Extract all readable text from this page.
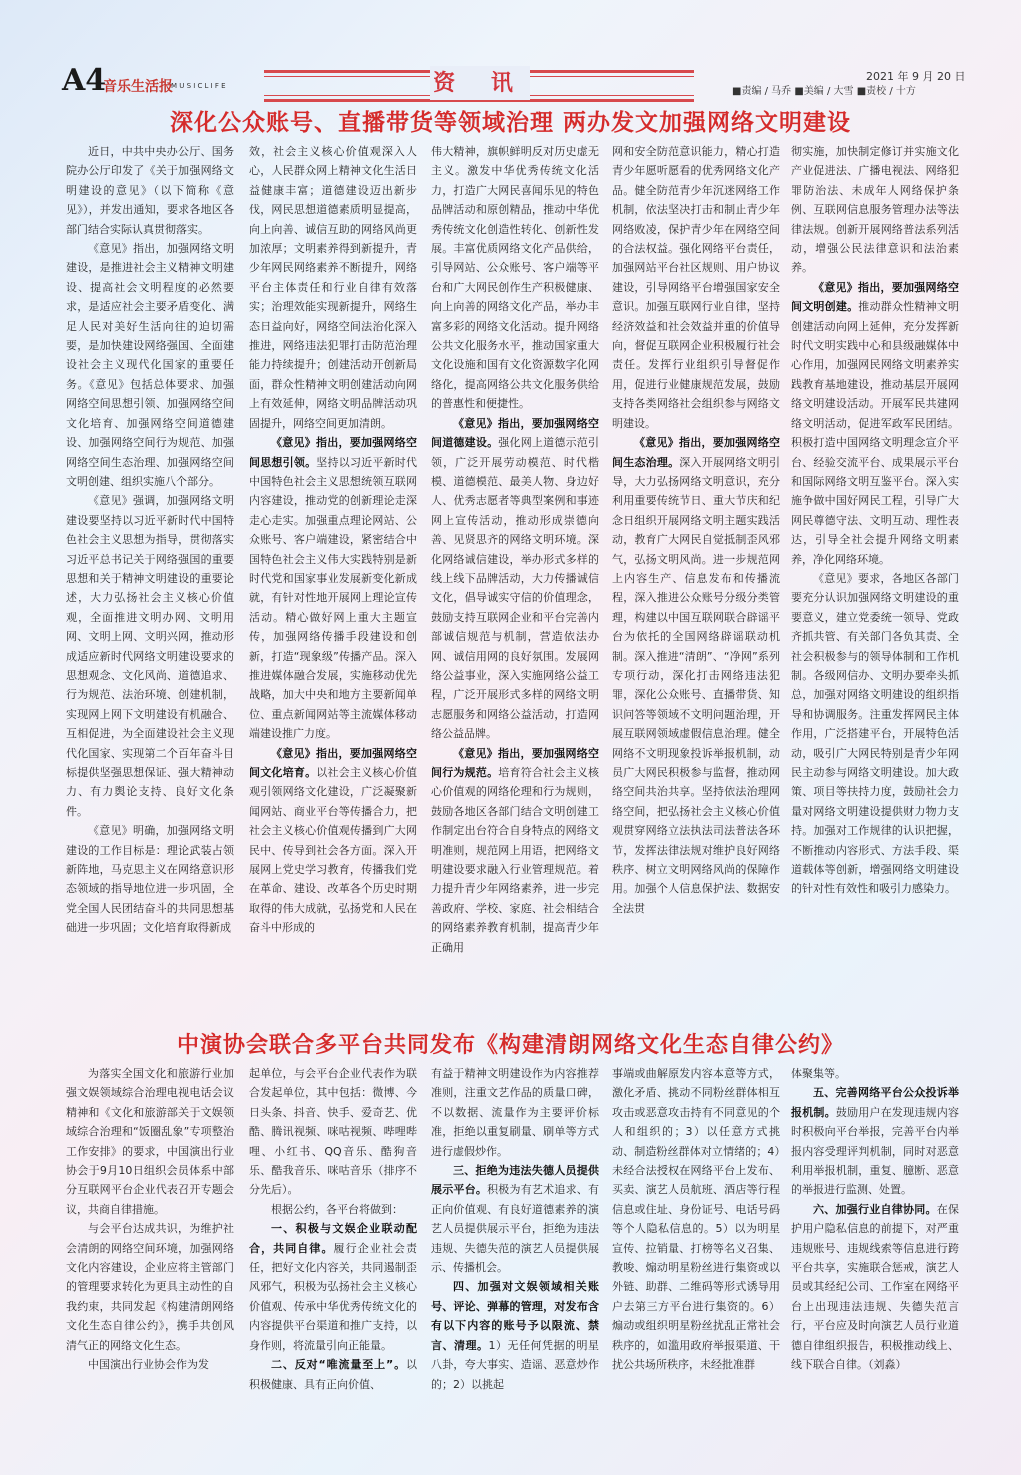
A4
音乐生活报
MUSICLIFE	资 讯	2021 年 9 月 20 日
■责编 / 马乔 ■美编 / 大雪 ■责校 / 十方
深化公众账号、直播带货等领域治理 两办发文加强网络文明建设

近日，中共中央办公厅、国务院办公厅印发了《关于加强网络文明建设的意见》（以下简称《意见》），并发出通知，要求各地区各部门结合实际认真贯彻落实。

《意见》指出，加强网络文明建设，是推进社会主义精神文明建设、提高社会文明程度的必然要求，是适应社会主要矛盾变化、满足人民对美好生活向往的迫切需要，是加快建设网络强国、全面建设社会主义现代化国家的重要任务。《意见》包括总体要求、加强网络空间思想引领、加强网络空间文化培育、加强网络空间道德建设、加强网络空间行为规范、加强网络空间生态治理、加强网络空间文明创建、组织实施八个部分。

《意见》强调，加强网络文明建设要坚持以习近平新时代中国特色社会主义思想为指导，贯彻落实习近平总书记关于网络强国的重要思想和关于精神文明建设的重要论述，大力弘扬社会主义核心价值观，全面推进文明办网、文明用网、文明上网、文明兴网，推动形成适应新时代网络文明建设要求的思想观念、文化风尚、道德追求、行为规范、法治环境、创建机制，实现网上网下文明建设有机融合、互相促进，为全面建设社会主义现代化国家、实现第二个百年奋斗目标提供坚强思想保证、强大精神动力、有力舆论支持、良好文化条件。

《意见》明确，加强网络文明建设的工作目标是：理论武装占领新阵地，马克思主义在网络意识形态领域的指导地位进一步巩固，全党全国人民团结奋斗的共同思想基础进一步巩固；文化培育取得新成

效，社会主义核心价值观深入人心，人民群众网上精神文化生活日益健康丰富；道德建设迈出新步伐，网民思想道德素质明显提高，向上向善、诚信互助的网络风尚更加浓厚；文明素养得到新提升，青少年网民网络素养不断提升，网络平台主体责任和行业自律有效落实；治理效能实现新提升，网络生态日益向好，网络空间法治化深入推进，网络违法犯罪打击防范治理能力持续提升；创建活动开创新局面，群众性精神文明创建活动向网上有效延伸，网络文明品牌活动巩固提升，网络空间更加清朗。

《意见》指出，要加强网络空间思想引领。坚持以习近平新时代中国特色社会主义思想统领互联网内容建设，推动党的创新理论走深走心走实。加强重点理论网站、公众账号、客户端建设，紧密结合中国特色社会主义伟大实践特别是新时代党和国家事业发展新变化新成就，有针对性地开展网上理论宣传活动。精心做好网上重大主题宣传，加强网络传播手段建设和创新，打造“现象级”传播产品。深入推进媒体融合发展，实施移动优先战略，加大中央和地方主要新闻单位、重点新闻网站等主流媒体移动端建设推广力度。

《意见》指出，要加强网络空间文化培育。以社会主义核心价值观引领网络文化建设，广泛凝聚新闻网站、商业平台等传播合力，把社会主义核心价值观传播到广大网民中、传导到社会各方面。深入开展网上党史学习教育，传播我们党在革命、建设、改革各个历史时期取得的伟大成就，弘扬党和人民在奋斗中形成的

伟大精神，旗帜鲜明反对历史虚无主义。激发中华优秀传统文化活力，打造广大网民喜闻乐见的特色品牌活动和原创精品，推动中华优秀传统文化创造性转化、创新性发展。丰富优质网络文化产品供给，引导网站、公众账号、客户端等平台和广大网民创作生产积极健康、向上向善的网络文化产品，举办丰富多彩的网络文化活动。提升网络公共文化服务水平，推动国家重大文化设施和国有文化资源数字化网络化，提高网络公共文化服务供给的普惠性和便捷性。

《意见》指出，要加强网络空间道德建设。强化网上道德示范引领，广泛开展劳动模范、时代楷模、道德模范、最美人物、身边好人、优秀志愿者等典型案例和事迹网上宣传活动，推动形成崇德向善、见贤思齐的网络文明环境。深化网络诚信建设，举办形式多样的线上线下品牌活动，大力传播诚信文化，倡导诚实守信的价值理念，鼓励支持互联网企业和平台完善内部诚信规范与机制，营造依法办网、诚信用网的良好氛围。发展网络公益事业，深入实施网络公益工程，广泛开展形式多样的网络文明志愿服务和网络公益活动，打造网络公益品牌。

《意见》指出，要加强网络空间行为规范。培育符合社会主义核心价值观的网络伦理和行为规则，鼓励各地区各部门结合文明创建工作制定出台符合自身特点的网络文明准则，规范网上用语，把网络文明建设要求融入行业管理规范。着力提升青少年网络素养，进一步完善政府、学校、家庭、社会相结合的网络素养教育机制，提高青少年正确用

网和安全防范意识能力，精心打造青少年愿听愿看的优秀网络文化产品。健全防范青少年沉迷网络工作机制，依法坚决打击和制止青少年网络败凌，保护青少年在网络空间的合法权益。强化网络平台责任，加强网站平台社区规则、用户协议建设，引导网络平台增强国家安全意识。加强互联网行业自律，坚持经济效益和社会效益并重的价值导向，督促互联网企业积极履行社会责任。发挥行业组织引导督促作用，促进行业健康规范发展，鼓励支持各类网络社会组织参与网络文明建设。

《意见》指出，要加强网络空间生态治理。深入开展网络文明引导，大力弘扬网络文明意识，充分利用重要传统节日、重大节庆和纪念日组织开展网络文明主题实践活动，教育广大网民自觉抵制歪风邪气，弘扬文明风尚。进一步规范网上内容生产、信息发布和传播流程，深入推进公众账号分级分类管理，构建以中国互联网联合辟谣平台为依托的全国网络辟谣联动机制。深入推进“清朗”、“净网”系列专项行动，深化打击网络违法犯罪，深化公众账号、直播带货、知识问答等领域不文明问题治理，开展互联网领域虚假信息治理。健全网络不文明现象投诉举报机制，动员广大网民积极参与监督，推动网络空间共治共享。坚持依法治理网络空间，把弘扬社会主义核心价值观贯穿网络立法执法司法普法各环节，发挥法律法规对维护良好网络秩序、树立文明网络风尚的保障作用。加强个人信息保护法、数据安全法贯

彻实施，加快制定修订并实施文化产业促进法、广播电视法、网络犯罪防治法、未成年人网络保护条例、互联网信息服务管理办法等法律法规。创新开展网络普法系列活动，增强公民法律意识和法治素养。

《意见》指出，要加强网络空间文明创建。推动群众性精神文明创建活动向网上延伸，充分发挥新时代文明实践中心和县级融媒体中心作用，加强网民网络文明素养实践教育基地建设，推动基层开展网络文明建设活动。开展军民共建网络文明活动，促进军政军民团结。积极打造中国网络文明理念宣介平台、经验交流平台、成果展示平台和国际网络文明互鉴平台。深入实施争做中国好网民工程，引导广大网民尊德守法、文明互动、理性表达，引导全社会提升网络文明素养，净化网络环境。

《意见》要求，各地区各部门要充分认识加强网络文明建设的重要意义，建立党委统一领导、党政齐抓共管、有关部门各负其责、全社会积极参与的领导体制和工作机制。各级网信办、文明办要牵头抓总，加强对网络文明建设的组织指导和协调服务。注重发挥网民主体作用，广泛搭建平台，开展特色活动，吸引广大网民特别是青少年网民主动参与网络文明建设。加大政策、项目等扶持力度，鼓励社会力量对网络文明建设提供财力物力支持。加强对工作规律的认识把握，不断推动内容形式、方法手段、渠道载体等创新，增强网络文明建设的针对性有效性和吸引力感染力。

中演协会联合多平台共同发布《构建清朗网络文化生态自律公约》

为落实全国文化和旅游行业加强文娱领域综合治理电视电话会议精神和《文化和旅游部关于文娱领域综合治理和“饭圈乱象”专项整治工作安排》的要求，中国演出行业协会于9月10日组织会员体系中部分互联网平台企业代表召开专题会议，共商自律措施。

与会平台达成共识，为维护社会清朗的网络空间环境，加强网络文化内容建设，企业应将主管部门的管理要求转化为更具主动性的自我约束，共同发起《构建清朗网络文化生态自律公约》，携手共创风清气正的网络文化生态。

中国演出行业协会作为发

起单位，与会平台企业代表作为联合发起单位，其中包括：微博、今日头条、抖音、快手、爱奇艺、优酷、腾讯视频、咪咕视频、哔哩哔哩、小红书、QQ音乐、酷狗音乐、酷我音乐、咪咕音乐（排序不分先后）。

根据公约，各平台将做到：

一、积极与文娱企业联动配合，共同自律。履行企业社会责任，把好文化内容关，共同遏制歪风邪气，积极为弘扬社会主义核心价值观、传承中华优秀传统文化的内容提供平台渠道和推广支持，以身作则，将流量引向正能量。

二、反对“唯流量至上”。以积极健康、具有正向价值、

有益于精神文明建设作为内容推荐准则，注重文艺作品的质量口碑，不以数据、流量作为主要评价标准，拒绝以重复刷量、刷单等方式进行虚假炒作。

三、拒绝为违法失德人员提供展示平台。积极为有艺术追求、有正向价值观、有良好道德素养的演艺人员提供展示平台，拒绝为违法违规、失德失范的演艺人员提供展示、传播机会。

四、加强对文娱领域相关账号、评论、弹幕的管理，对发布含有以下内容的账号予以限流、禁言、清理。1）无任何凭据的明星八卦，夸大事实、造谣、恶意炒作的；2）以挑起

事端或曲解原发内容本意等方式，激化矛盾、挑动不同粉丝群体相互攻击或恶意攻击持有不同意见的个人和组织的；3）以任意方式挑动、制造粉丝群体对立情绪的；4）未经合法授权在网络平台上发布、买卖、演艺人员航班、酒店等行程信息或住址、身份证号、电话号码等个人隐私信息的。5）以为明星宣传、拉销量、打榜等名义召集、教唆、煽动明星粉丝进行集资或以外链、助群、二维码等形式诱导用户去第三方平台进行集资的。6）煽动或组织明星粉丝扰乱正常社会秩序的，如滥用政府举报渠道、干扰公共场所秩序，未经批准群

体聚集等。

五、完善网络平台公众投诉举报机制。鼓励用户在发现违规内容时积极向平台举报，完善平台内举报内容受理评判机制，同时对恶意利用举报机制，重复、臆断、恶意的举报进行监测、处置。

六、加强行业自律协同。在保护用户隐私信息的前提下，对严重违规账号、违规线索等信息进行跨平台共享，实施联合惩戒，演艺人员或其经纪公司、工作室在网络平台上出现违法违规、失德失范言行，平台应及时向演艺人员行业道德自律组织报告，积极推动线上、线下联合自律。（刘淼）
